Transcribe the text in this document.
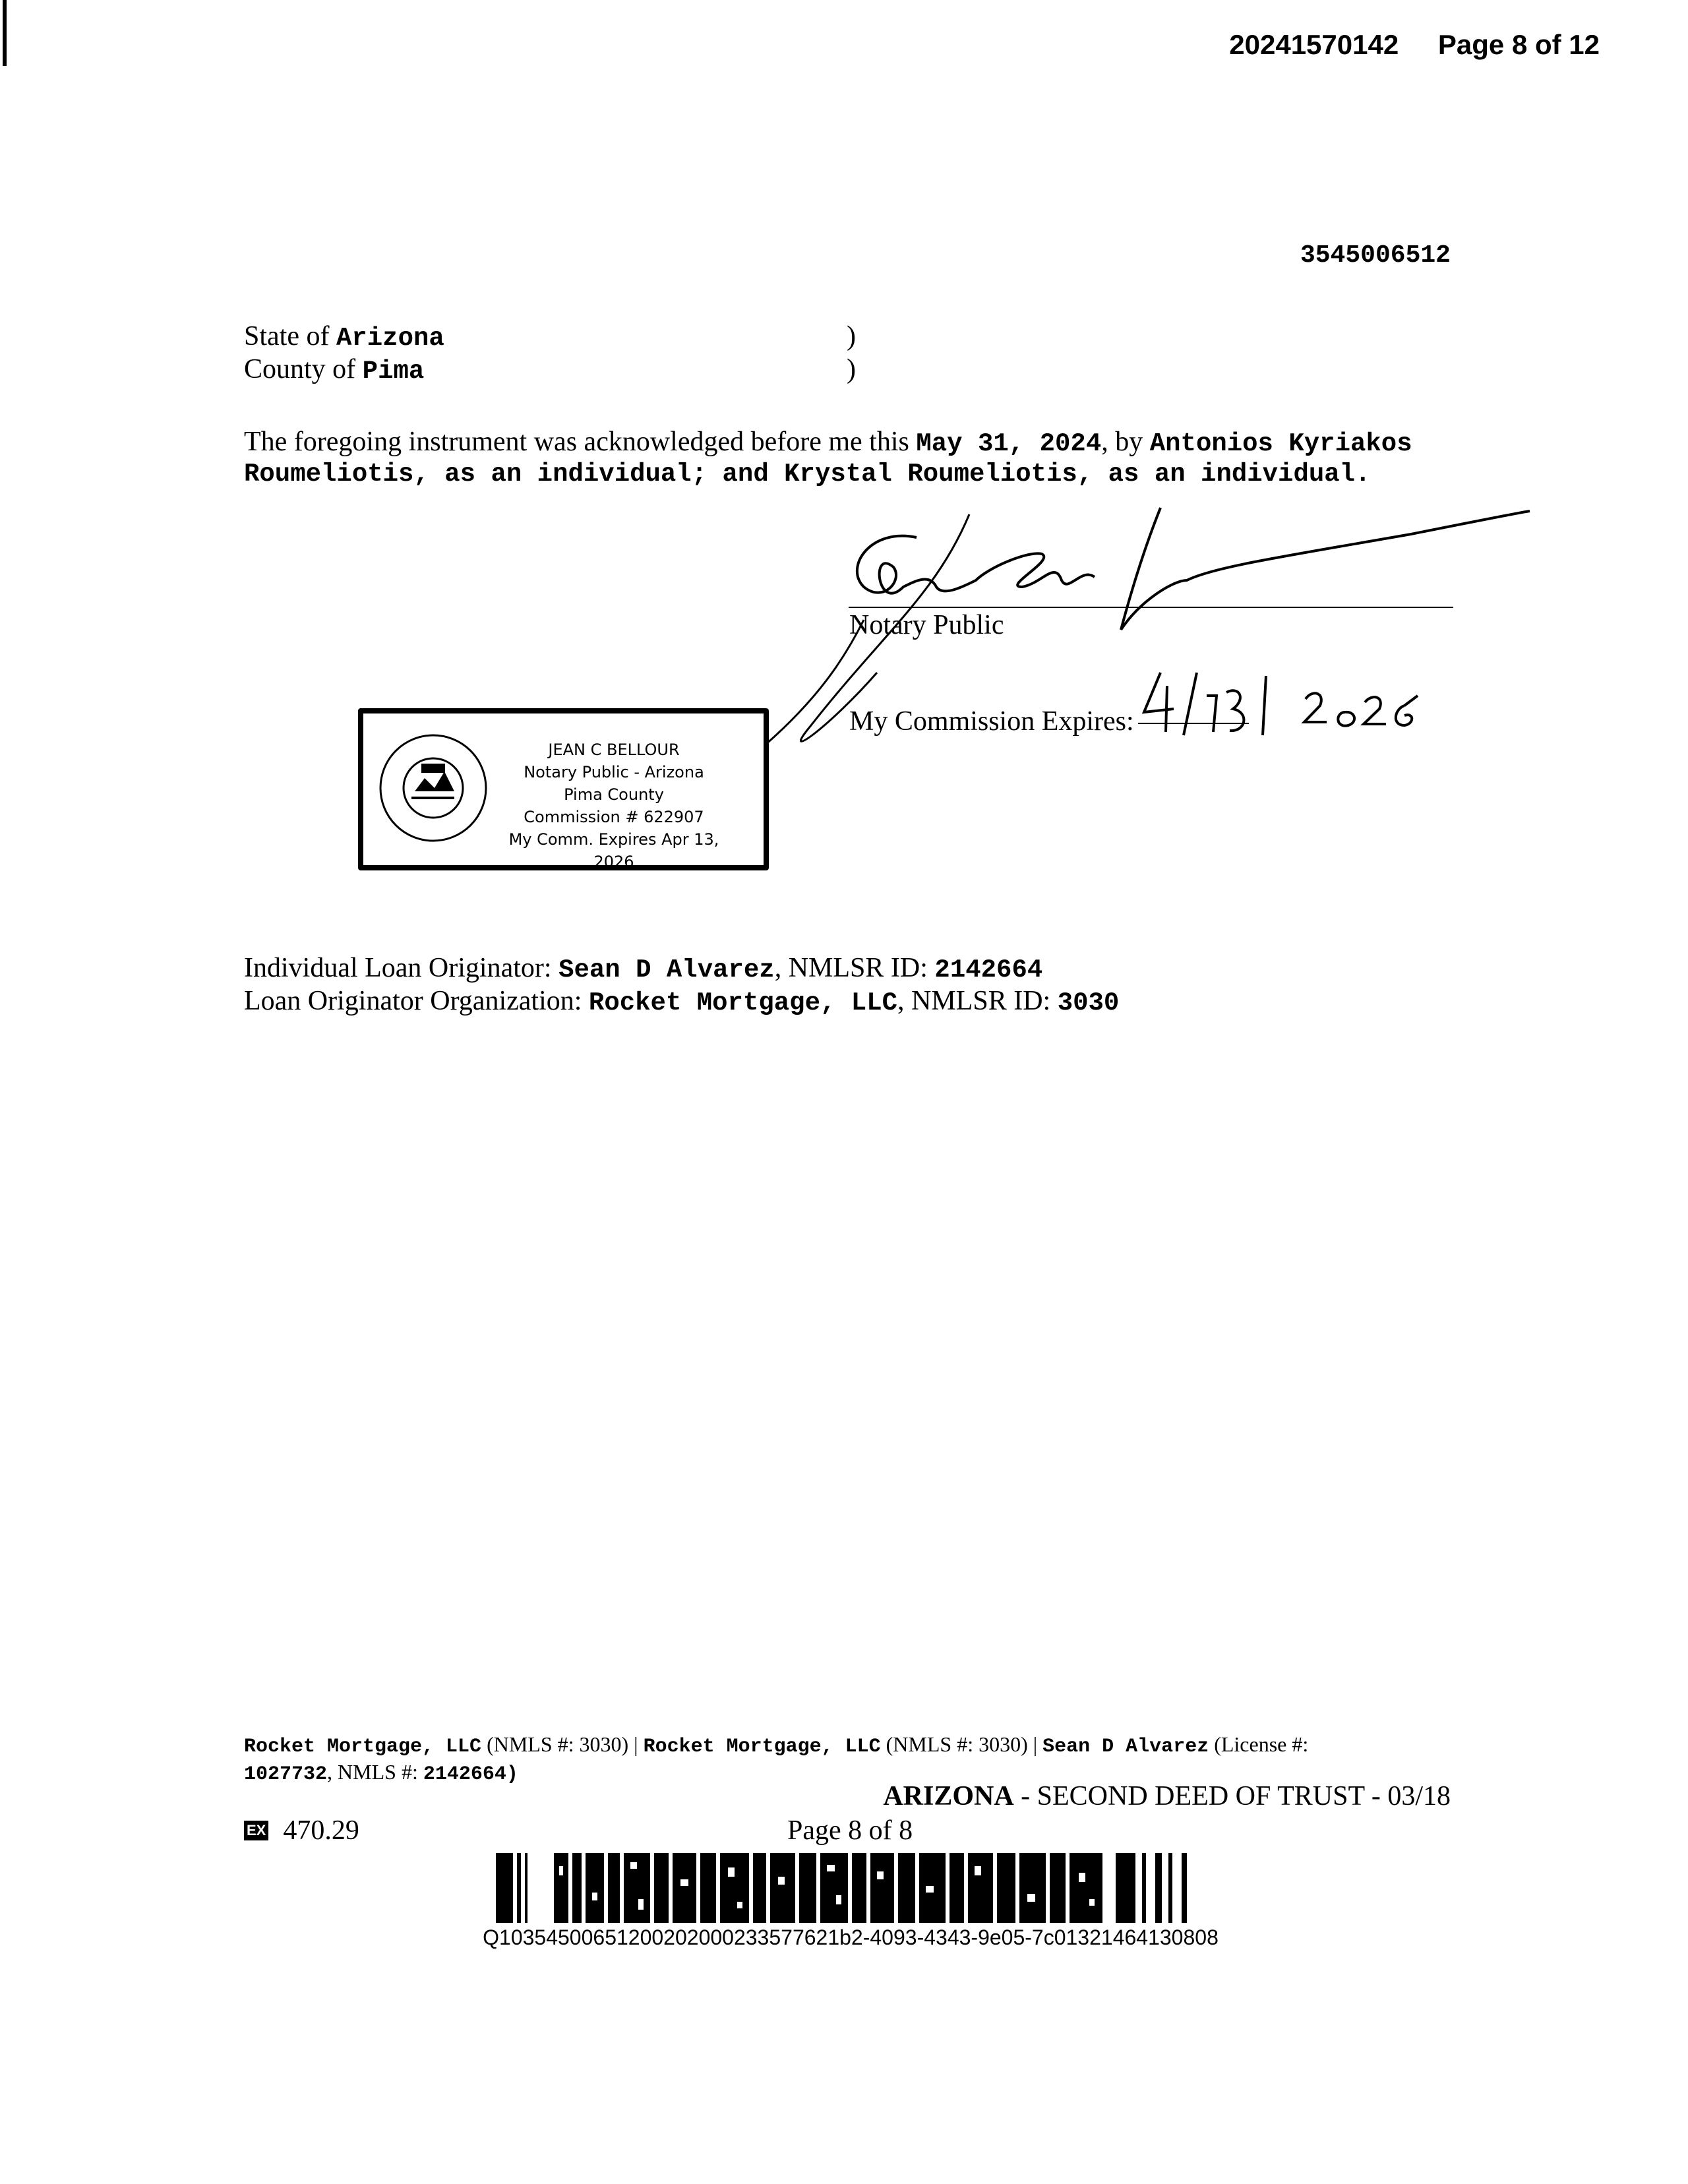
20241570142 Page 8 of 12
3545006512
State of Arizona	)
County of Pima	)
The foregoing instrument was acknowledged before me this May 31, 2024, by Antonios Kyriakos
Roumeliotis, as an individual; and Krystal Roumeliotis, as an individual.
Notary Public
My Commission Expires:
JEAN C BELLOUR
Notary Public - Arizona
Pima County
Commission # 622907
My Comm. Expires Apr 13, 2026
Individual Loan Originator: Sean D Alvarez, NMLSR ID: 2142664
Loan Originator Organization: Rocket Mortgage, LLC, NMLSR ID: 3030
Rocket Mortgage, LLC (NMLS #: 3030) | Rocket Mortgage, LLC (NMLS #: 3030) | Sean D Alvarez (License #:
1027732, NMLS #: 2142664)
ARIZONA - SECOND DEED OF TRUST - 03/18
EX 470.29	Page 8 of 8
Q10354500651200202000233577621b2-4093-4343-9e05-7c01321464130808
